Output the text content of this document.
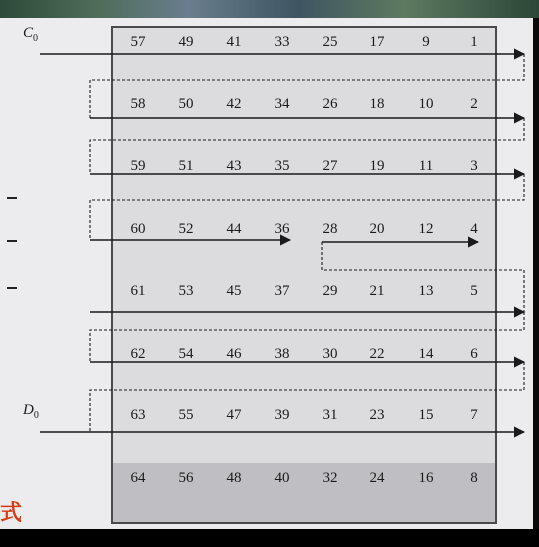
57	49	41	33	25	17	9	1
58	50	42	34	26	18	10	2
59	51	43	35	27	19	11	3
60	52	44	36	28	20	12	4
61	53	45	37	29	21	13	5
62	54	46	38	30	22	14	6
63	55	47	39	31	23	15	7
64	56	48	40	32	24	16	8
$C_0$
$D_0$
式
